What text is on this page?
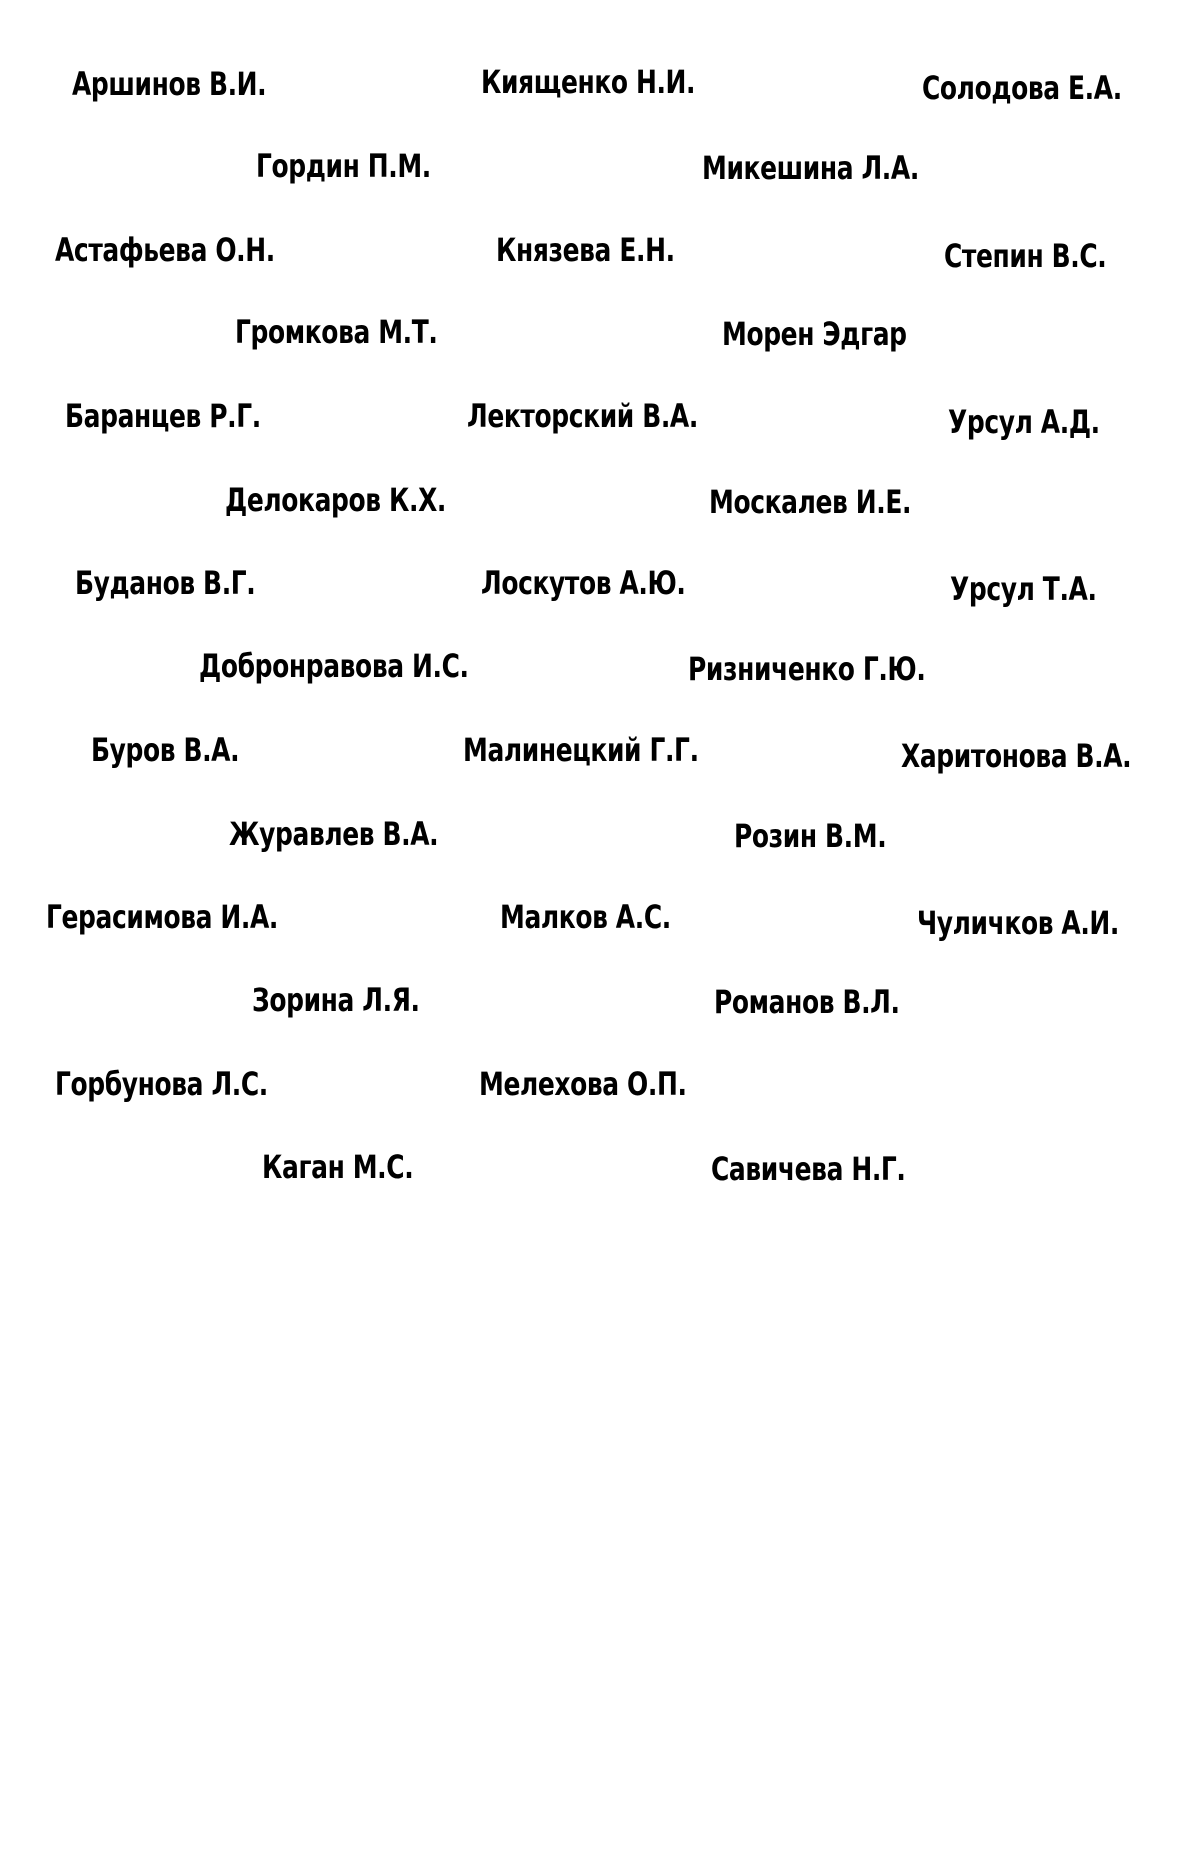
Аршинов В.И.	Киященко Н.И.	Солодова Е.А.
Гордин П.М.	Микешина Л.А.
Астафьева О.Н.	Князева Е.Н.	Степин В.С.
Громкова М.Т.	Морен Эдгар
Баранцев Р.Г.	Лекторский В.А.	Урсул А.Д.
Делокаров К.Х.	Москалев И.Е.
Буданов В.Г.	Лоскутов А.Ю.	Урсул Т.А.
Добронравова И.С.	Ризниченко Г.Ю.
Буров В.А.	Малинецкий Г.Г.	Харитонова В.А.
Журавлев В.А.	Розин В.М.
Герасимова И.А.	Малков А.С.	Чуличков А.И.
Зорина Л.Я.	Романов В.Л.
Горбунова Л.С.	Мелехова О.П.
Каган М.С.	Савичева Н.Г.
